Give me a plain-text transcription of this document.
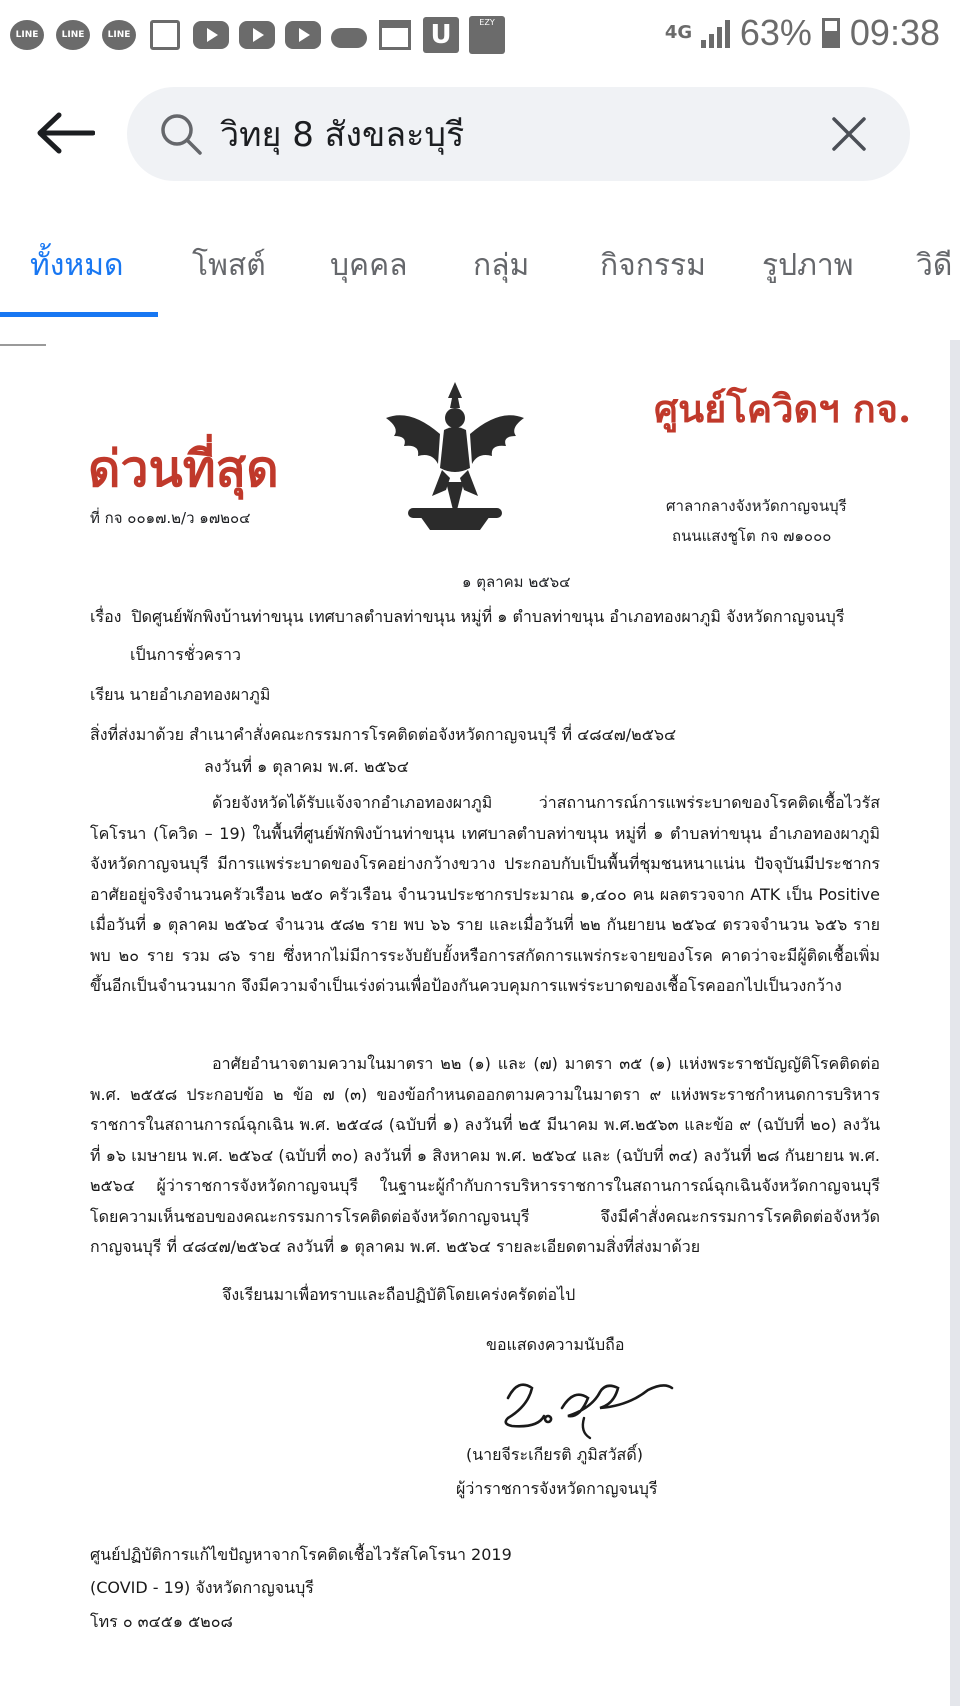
LINE	LINE	LINE	U	EZY	4G 63% 09:38
วิทยุ 8 สังขละบุรี
ทั้งหมด โพสต์ บุคคล กลุ่ม กิจกรรม รูปภาพ วิดี
ด่วนที่สุด
ศูนย์โควิดฯ กจ.
ที่ กจ ๐๐๑๗.๒/ว ๑๗๒๐๔
ศาลากลางจังหวัดกาญจนบุรี
ถนนแสงชูโต กจ ๗๑๐๐๐
๑ ตุลาคม ๒๕๖๔
เรื่อง ปิดศูนย์พักพิงบ้านท่าขนุน เทศบาลตำบลท่าขนุน หมู่ที่ ๑ ตำบลท่าขนุน อำเภอทองผาภูมิ จังหวัดกาญจนบุรี
เป็นการชั่วคราว
เรียน นายอำเภอทองผาภูมิ
สิ่งที่ส่งมาด้วย สำเนาคำสั่งคณะกรรมการโรคติดต่อจังหวัดกาญจนบุรี ที่ ๔๘๔๗/๒๕๖๔
ลงวันที่ ๑ ตุลาคม พ.ศ. ๒๕๖๔
ด้วยจังหวัดได้รับแจ้งจากอำเภอทองผาภูมิ ว่าสถานการณ์การแพร่ระบาดของโรคติดเชื้อไวรัสโคโรนา (โควิด – 19) ในพื้นที่ศูนย์พักพิงบ้านท่าขนุน เทศบาลตำบลท่าขนุน หมู่ที่ ๑ ตำบลท่าขนุน อำเภอทองผาภูมิ จังหวัดกาญจนบุรี มีการแพร่ระบาดของโรคอย่างกว้างขวาง ประกอบกับเป็นพื้นที่ชุมชนหนาแน่น ปัจจุบันมีประชากรอาศัยอยู่จริงจำนวนครัวเรือน ๒๕๐ ครัวเรือน จำนวนประชากรประมาณ ๑,๔๐๐ คน ผลตรวจจาก ATK เป็น Positive เมื่อวันที่ ๑ ตุลาคม ๒๕๖๔ จำนวน ๕๘๒ ราย พบ ๖๖ ราย และเมื่อวันที่ ๒๒ กันยายน ๒๕๖๔ ตรวจจำนวน ๖๕๖ ราย พบ ๒๐ ราย รวม ๘๖ ราย ซึ่งหากไม่มีการระงับยับยั้งหรือการสกัดการแพร่กระจายของโรค คาดว่าจะมีผู้ติดเชื้อเพิ่มขึ้นอีกเป็นจำนวนมาก จึงมีความจำเป็นเร่งด่วนเพื่อป้องกันควบคุมการแพร่ระบาดของเชื้อโรคออกไปเป็นวงกว้าง
อาศัยอำนาจตามความในมาตรา ๒๒ (๑) และ (๗) มาตรา ๓๕ (๑) แห่งพระราชบัญญัติโรคติดต่อ พ.ศ. ๒๕๕๘ ประกอบข้อ ๒ ข้อ ๗ (๓) ของข้อกำหนดออกตามความในมาตรา ๙ แห่งพระราชกำหนดการบริหารราชการในสถานการณ์ฉุกเฉิน พ.ศ. ๒๕๔๘ (ฉบับที่ ๑) ลงวันที่ ๒๕ มีนาคม พ.ศ.๒๕๖๓ และข้อ ๙ (ฉบับที่ ๒๐) ลงวันที่ ๑๖ เมษายน พ.ศ. ๒๕๖๔ (ฉบับที่ ๓๐) ลงวันที่ ๑ สิงหาคม พ.ศ. ๒๕๖๔ และ (ฉบับที่ ๓๔) ลงวันที่ ๒๘ กันยายน พ.ศ. ๒๕๖๔ ผู้ว่าราชการจังหวัดกาญจนบุรี ในฐานะผู้กำกับการบริหารราชการในสถานการณ์ฉุกเฉินจังหวัดกาญจนบุรี โดยความเห็นชอบของคณะกรรมการโรคติดต่อจังหวัดกาญจนบุรี จึงมีคำสั่งคณะกรรมการโรคติดต่อจังหวัดกาญจนบุรี ที่ ๔๘๔๗/๒๕๖๔ ลงวันที่ ๑ ตุลาคม พ.ศ. ๒๕๖๔ รายละเอียดตามสิ่งที่ส่งมาด้วย
จึงเรียนมาเพื่อทราบและถือปฏิบัติโดยเคร่งครัดต่อไป
ขอแสดงความนับถือ
(นายจีระเกียรติ ภูมิสวัสดิ์)
ผู้ว่าราชการจังหวัดกาญจนบุรี
ศูนย์ปฏิบัติการแก้ไขปัญหาจากโรคติดเชื้อไวรัสโคโรนา 2019
(COVID - 19) จังหวัดกาญจนบุรี
โทร ๐ ๓๔๕๑ ๕๒๐๘
